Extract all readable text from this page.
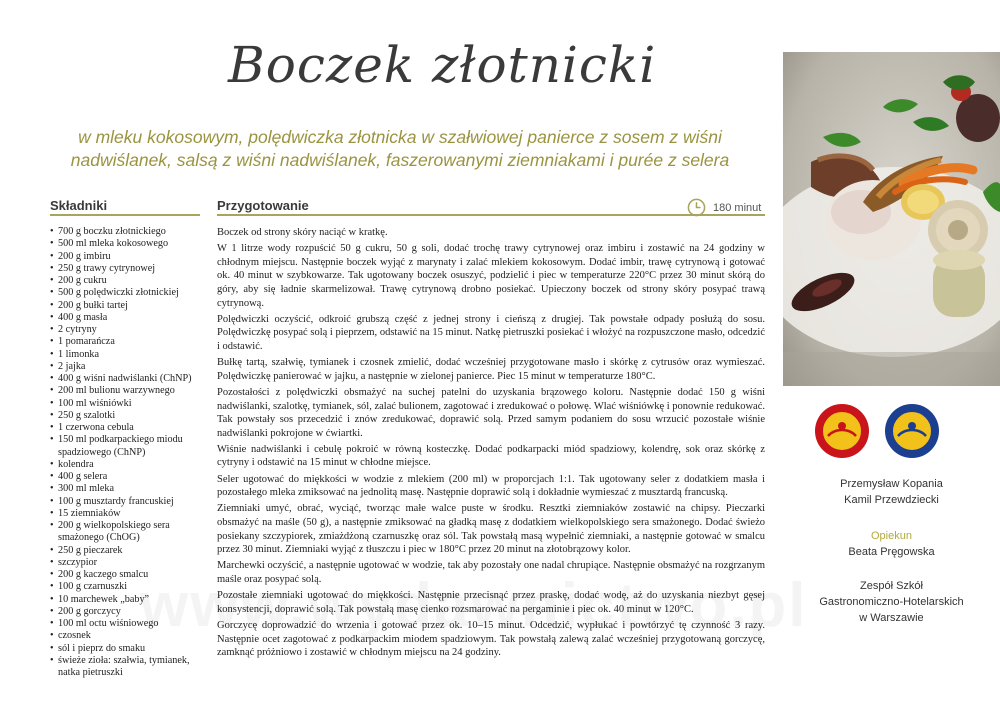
Boczek złotnicki
w mleku kokosowym, polędwiczka złotnicka w szałwiowej panierce z sosem z wiśni nadwiślanek, salsą z wiśni nadwiślanek, faszerowanymi ziemniakami i purée z selera
Składniki
• 700 g boczku złotnickiego
• 500 ml mleka kokosowego
• 200 g imbiru
• 250 g trawy cytrynowej
• 200 g cukru
• 500 g polędwiczki złotnickiej
• 200 g bułki tartej
• 400 g masła
• 2 cytryny
• 1 pomarańcza
• 1 limonka
• 2 jajka
• 400 g wiśni nadwiślanki (ChNP)
• 200 ml bulionu warzywnego
• 100 ml wiśniówki
• 250 g szalotki
• 1 czerwona cebula
• 150 ml podkarpackiego miodu spadziowego (ChNP)
• kolendra
• 400 g selera
• 300 ml mleka
• 100 g musztardy francuskiej
• 15 ziemniaków
• 200 g wielkopolskiego sera smażonego (ChOG)
• 250 g pieczarek
• szczypior
• 200 g kaczego smalcu
• 100 g czarnuszki
• 10 marchewek „baby”
• 200 g gorczycy
• 100 ml octu wiśniowego
• czosnek
• sól i pieprz do smaku
• świeże zioła: szałwia, tymianek, natka pietruszki
Przygotowanie	180 minut

Boczek od strony skóry naciąć w kratkę.

W 1 litrze wody rozpuścić 50 g cukru, 50 g soli, dodać trochę trawy cytrynowej oraz imbiru i zostawić na 24 godziny w chłodnym miejscu. Następnie boczek wyjąć z marynaty i zalać mlekiem kokosowym. Dodać imbir, trawę cytrynową i gotować ok. 40 minut w szybkowarze. Tak ugotowany boczek osuszyć, podzielić i piec w temperaturze 220°C przez 30 minut skórą do góry, aby się ładnie skarmelizował. Trawę cytrynową drobno posiekać. Upieczony boczek od strony skóry posypać trawą cytrynową.

Polędwiczki oczyścić, odkroić grubszą część z jednej strony i cieńszą z drugiej. Tak powstałe odpady posłużą do sosu. Polędwiczkę posypać solą i pieprzem, odstawić na 15 minut. Natkę pietruszki posiekać i włożyć na rozpuszczone masło, odcedzić i odstawić.

Bułkę tartą, szałwię, tymianek i czosnek zmielić, dodać wcześniej przygotowane masło i skórkę z cytrusów oraz wymieszać. Polędwiczkę panierować w jajku, a następnie w zielonej panierce. Piec 15 minut w temperaturze 180°C.

Pozostałości z polędwiczki obsmażyć na suchej patelni do uzyskania brązowego koloru. Następnie dodać 150 g wiśni nadwiślanki, szalotkę, tymianek, sól, zalać bulionem, zagotować i zredukować o połowę. Wlać wiśniówkę i ponownie redukować. Tak powstały sos przecedzić i znów zredukować, doprawić solą. Przed samym podaniem do sosu wrzucić pozostałe wiśnie nadwiślanki pokrojone w ćwiartki.

Wiśnie nadwiślanki i cebulę pokroić w równą kosteczkę. Dodać podkarpacki miód spadziowy, kolendrę, sok oraz skórkę z cytryny i odstawić na 15 minut w chłodne miejsce.

Seler ugotować do miękkości w wodzie z mlekiem (200 ml) w proporcjach 1:1. Tak ugotowany seler z dodatkiem masła i pozostałego mleka zmiksować na jednolitą masę. Następnie doprawić solą i dokładnie wymieszać z musztardą francuską.

Ziemniaki umyć, obrać, wyciąć, tworząc małe walce puste w środku. Resztki ziemniaków zostawić na chipsy. Pieczarki obsmażyć na maśle (50 g), a następnie zmiksować na gładką masę z dodatkiem wielkopolskiego sera smażonego. Dodać świeżo posiekany szczypiorek, zmiażdżoną czarnuszkę oraz sól. Tak powstałą masą wypełnić ziemniaki, a następnie gotować w smalcu przez 30 minut. Ziemniaki wyjąć z tłuszczu i piec w 180°C przez 20 minut na złotobrązowy kolor.

Marchewki oczyścić, a następnie ugotować w wodzie, tak aby pozostały one nadal chrupiące. Następnie obsmażyć na rozgrzanym maśle oraz posypać solą.

Pozostałe ziemniaki ugotować do miękkości. Następnie przecisnąć przez praskę, dodać wodę, aż do uzyskania niezbyt gęsej konsystencji, doprawić solą. Tak powstałą masę cienko rozsmarować na pergaminie i piec ok. 40 minut w 120°C.

Gorczycę doprowadzić do wrzenia i gotować przez ok. 10–15 minut. Odcedzić, wypłukać i powtórzyć tę czynność 3 razy. Następnie ocet zagotować z podkarpackim miodem spadziowym. Tak powstałą zalewą zalać wcześniej przygotowaną gorczycę, zamknąć próżniowo i zostawić w chłodnym miejscu na 24 godziny.

Przemysław Kopania
Kamil Przewdziecki
Opiekun
Beata Pręgowska
Zespół Szkół
Gastronomiczno-Hotelarskich
w Warszawie
